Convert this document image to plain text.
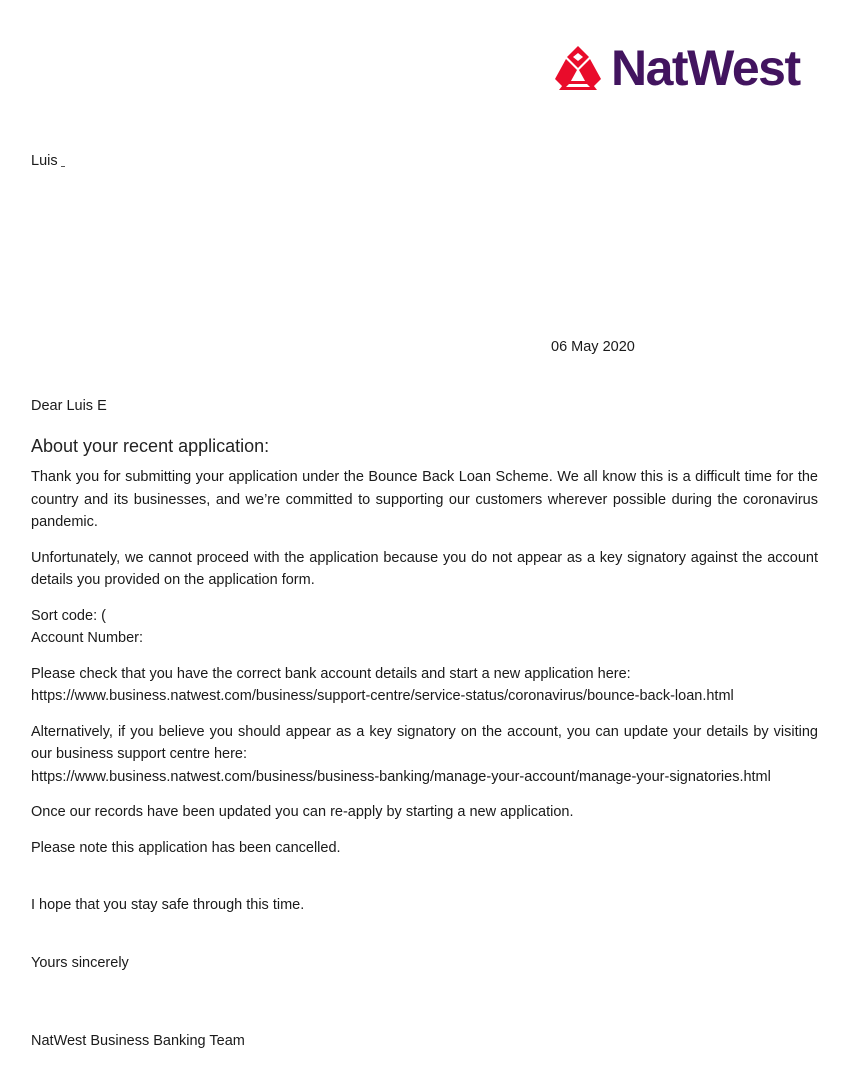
NatWest
Luis
06 May 2020
Dear Luis E
About your recent application:

Thank you for submitting your application under the Bounce Back Loan Scheme. We all know this is a difficult time for the country and its businesses, and we’re committed to supporting our customers wherever possible during the coronavirus pandemic.

Unfortunately, we cannot proceed with the application because you do not appear as a key signatory against the account details you provided on the application form.

Sort code: (

Account Number:

Please check that you have the correct bank account details and start a new application here:

https://www.business.natwest.com/business/support-centre/service-status/coronavirus/bounce-back-loan.html

Alternatively, if you believe you should appear as a key signatory on the account, you can update your details by visiting our business support centre here:

https://www.business.natwest.com/business/business-banking/manage-your-account/manage-your-signatories.html

Once our records have been updated you can re-apply by starting a new application.

Please note this application has been cancelled.

I hope that you stay safe through this time.

Yours sincerely

NatWest Business Banking Team
